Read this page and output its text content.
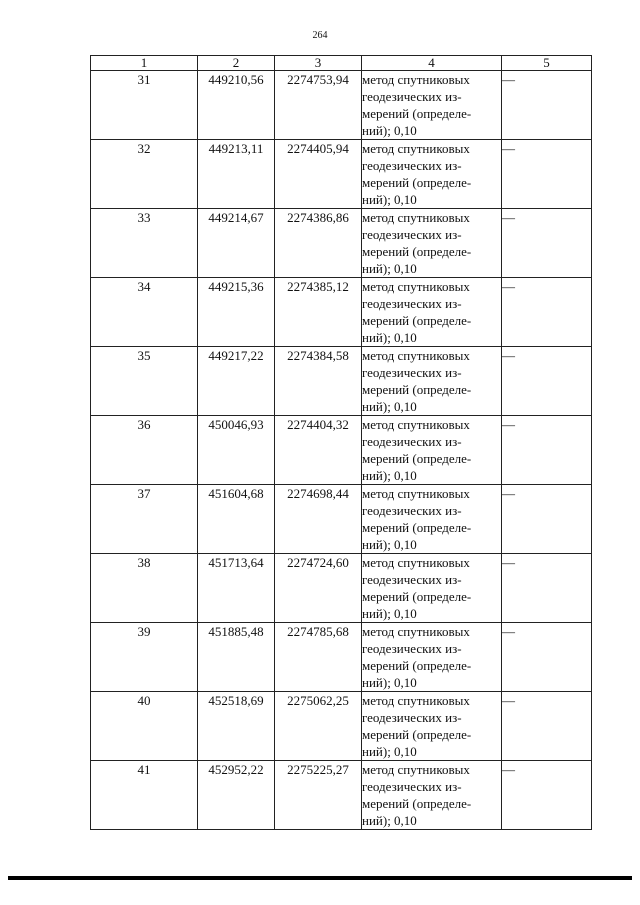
264
1	2	3	4	5
31	449210,56	2274753,94	метод спутниковых
геодезических из-
мерений (определе-
ний); 0,10	—
32	449213,11	2274405,94	метод спутниковых
геодезических из-
мерений (определе-
ний); 0,10	—
33	449214,67	2274386,86	метод спутниковых
геодезических из-
мерений (определе-
ний); 0,10	—
34	449215,36	2274385,12	метод спутниковых
геодезических из-
мерений (определе-
ний); 0,10	—
35	449217,22	2274384,58	метод спутниковых
геодезических из-
мерений (определе-
ний); 0,10	—
36	450046,93	2274404,32	метод спутниковых
геодезических из-
мерений (определе-
ний); 0,10	—
37	451604,68	2274698,44	метод спутниковых
геодезических из-
мерений (определе-
ний); 0,10	—
38	451713,64	2274724,60	метод спутниковых
геодезических из-
мерений (определе-
ний); 0,10	—
39	451885,48	2274785,68	метод спутниковых
геодезических из-
мерений (определе-
ний); 0,10	—
40	452518,69	2275062,25	метод спутниковых
геодезических из-
мерений (определе-
ний); 0,10	—
41	452952,22	2275225,27	метод спутниковых
геодезических из-
мерений (определе-
ний); 0,10	—
